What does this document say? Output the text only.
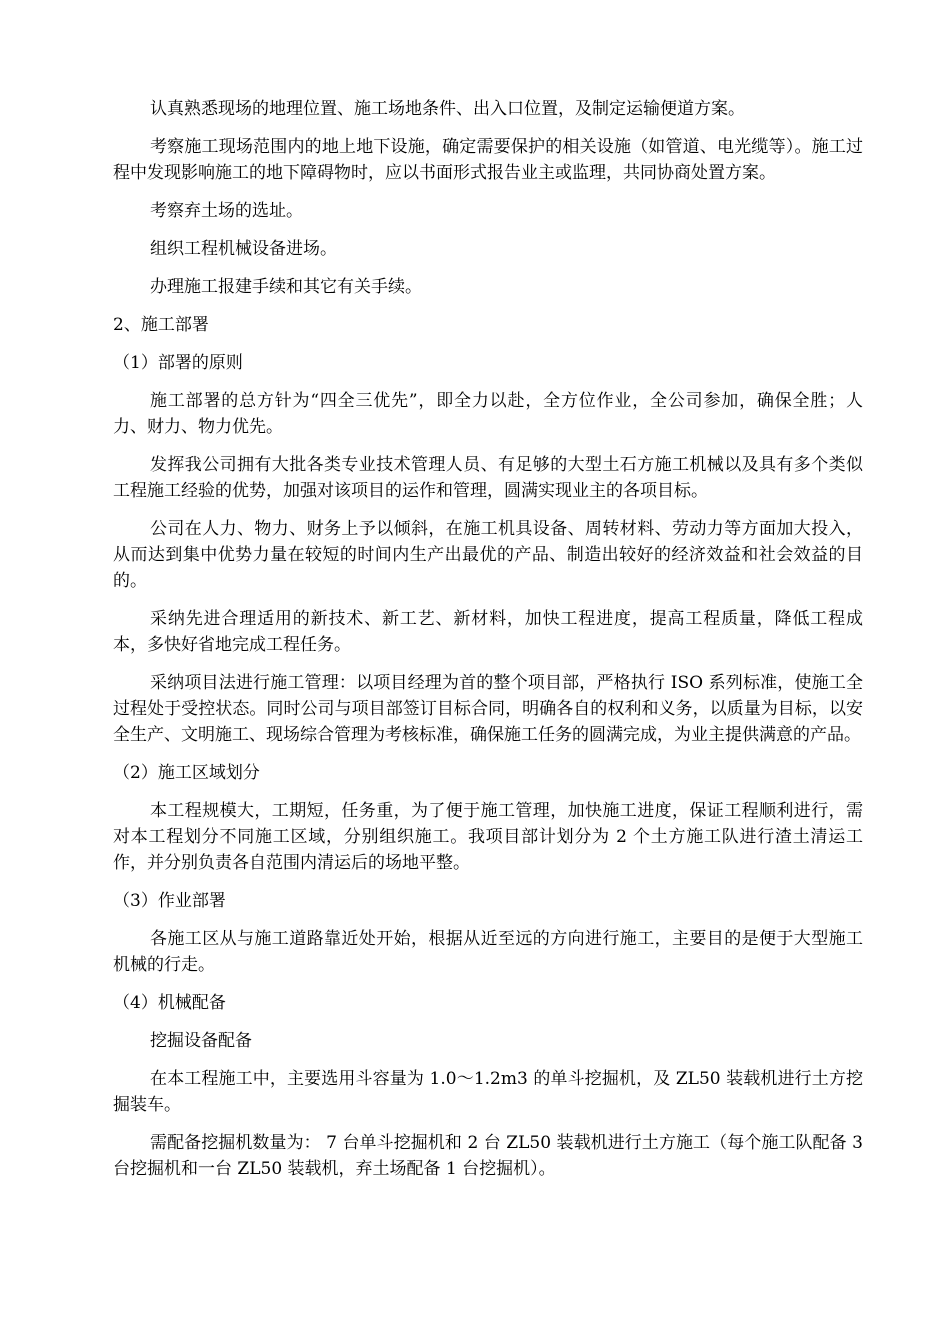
认真熟悉现场的地理位置、施工场地条件、出入口位置，及制定运输便道方案。

考察施工现场范围内的地上地下设施，确定需要保护的相关设施（如管道、电光缆等）。施工过程中发现影响施工的地下障碍物时，应以书面形式报告业主或监理，共同协商处置方案。

考察弃土场的选址。

组织工程机械设备进场。

办理施工报建手续和其它有关手续。

2、施工部署

（1）部署的原则

施工部署的总方针为“四全三优先”，即全力以赴，全方位作业，全公司参加，确保全胜；人力、财力、物力优先。

发挥我公司拥有大批各类专业技术管理人员、有足够的大型土石方施工机械以及具有多个类似工程施工经验的优势，加强对该项目的运作和管理，圆满实现业主的各项目标。

公司在人力、物力、财务上予以倾斜，在施工机具设备、周转材料、劳动力等方面加大投入，从而达到集中优势力量在较短的时间内生产出最优的产品、制造出较好的经济效益和社会效益的目的。

采纳先进合理适用的新技术、新工艺、新材料，加快工程进度，提高工程质量，降低工程成本，多快好省地完成工程任务。

采纳项目法进行施工管理：以项目经理为首的整个项目部，严格执行 ISO 系列标准，使施工全过程处于受控状态。同时公司与项目部签订目标合同，明确各自的权利和义务，以质量为目标，以安全生产、文明施工、现场综合管理为考核标准，确保施工任务的圆满完成，为业主提供满意的产品。

（2）施工区域划分

本工程规模大，工期短，任务重，为了便于施工管理，加快施工进度，保证工程顺利进行，需对本工程划分不同施工区域，分别组织施工。我项目部计划分为 2 个土方施工队进行渣土清运工作，并分别负责各自范围内清运后的场地平整。

（3）作业部署

各施工区从与施工道路靠近处开始，根据从近至远的方向进行施工，主要目的是便于大型施工机械的行走。

（4）机械配备

挖掘设备配备

在本工程施工中，主要选用斗容量为 1.0～1.2m3 的单斗挖掘机，及 ZL50 装载机进行土方挖掘装车。

需配备挖掘机数量为： 7 台单斗挖掘机和 2 台 ZL50 装载机进行土方施工（每个施工队配备 3 台挖掘机和一台 ZL50 装载机，弃土场配备 1 台挖掘机）。
